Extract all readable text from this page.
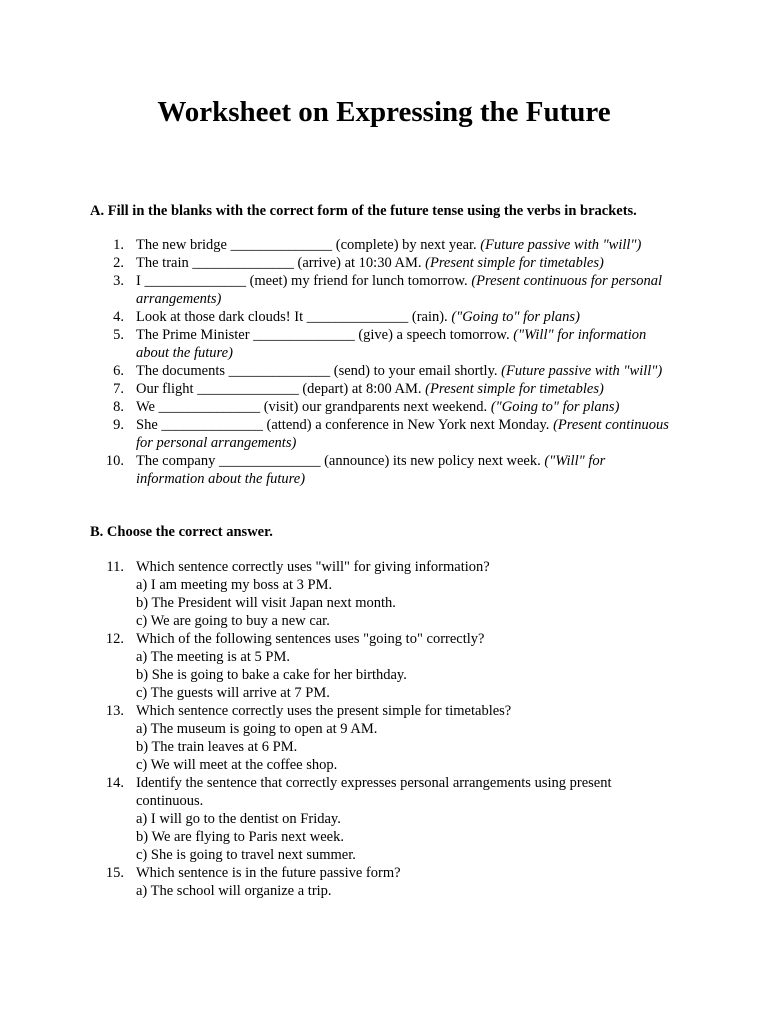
Worksheet on Expressing the Future
A. Fill in the blanks with the correct form of the future tense using the verbs in brackets.
1. The new bridge ______________ (complete) by next year. (Future passive with "will")
2. The train ______________ (arrive) at 10:30 AM. (Present simple for timetables)
3. I ______________ (meet) my friend for lunch tomorrow. (Present continuous for personal arrangements)
4. Look at those dark clouds! It ______________ (rain). ("Going to" for plans)
5. The Prime Minister ______________ (give) a speech tomorrow. ("Will" for information about the future)
6. The documents ______________ (send) to your email shortly. (Future passive with "will")
7. Our flight ______________ (depart) at 8:00 AM. (Present simple for timetables)
8. We ______________ (visit) our grandparents next weekend. ("Going to" for plans)
9. She ______________ (attend) a conference in New York next Monday. (Present continuous for personal arrangements)
10. The company ______________ (announce) its new policy next week. ("Will" for information about the future)
B. Choose the correct answer.
11. Which sentence correctly uses "will" for giving information?
a) I am meeting my boss at 3 PM.
b) The President will visit Japan next month.
c) We are going to buy a new car.
12. Which of the following sentences uses "going to" correctly?
a) The meeting is at 5 PM.
b) She is going to bake a cake for her birthday.
c) The guests will arrive at 7 PM.
13. Which sentence correctly uses the present simple for timetables?
a) The museum is going to open at 9 AM.
b) The train leaves at 6 PM.
c) We will meet at the coffee shop.
14. Identify the sentence that correctly expresses personal arrangements using present continuous.
a) I will go to the dentist on Friday.
b) We are flying to Paris next week.
c) She is going to travel next summer.
15. Which sentence is in the future passive form?
a) The school will organize a trip.
